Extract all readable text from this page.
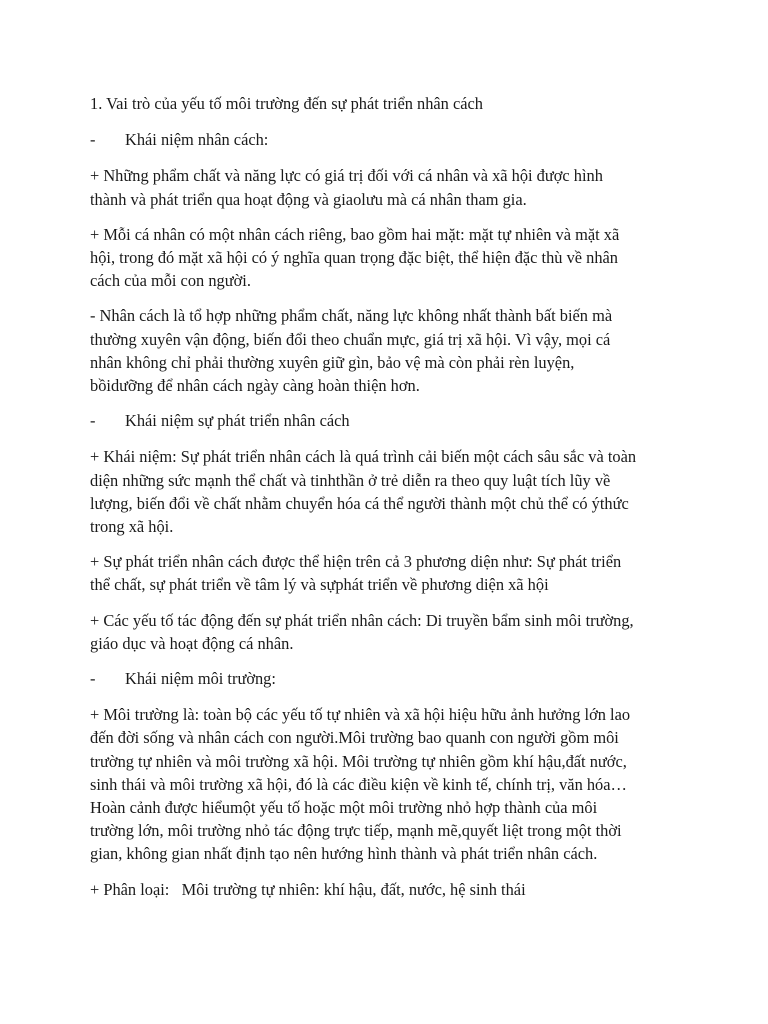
1. Vai trò của yếu tố môi trường đến sự phát triển nhân cách

-	Khái niệm nhân cách:

+ Những phẩm chất và năng lực có giá trị đối với cá nhân và xã hội được hình
thành và phát triển qua hoạt động và giaolưu mà cá nhân tham gia.

+ Mỗi cá nhân có một nhân cách riêng, bao gồm hai mặt: mặt tự nhiên và mặt xã
hội, trong đó mặt xã hội có ý nghĩa quan trọng đặc biệt, thể hiện đặc thù về nhân
cách của mỗi con người.

- Nhân cách là tổ hợp những phẩm chất, năng lực không nhất thành bất biến mà
thường xuyên vận động, biến đổi theo chuẩn mực, giá trị xã hội. Vì vậy, mọi cá
nhân không chỉ phải thường xuyên giữ gìn, bảo vệ mà còn phải rèn luyện,
bồidưỡng để nhân cách ngày càng hoàn thiện hơn.

-	Khái niệm sự phát triển nhân cách

+ Khái niệm: Sự phát triển nhân cách là quá trình cải biến một cách sâu sắc và toàn
diện những sức mạnh thể chất và tinhthần ở trẻ diễn ra theo quy luật tích lũy về
lượng, biến đổi về chất nhằm chuyển hóa cá thể người thành một chủ thể có ýthức
trong xã hội.

+ Sự phát triển nhân cách được thể hiện trên cả 3 phương diện như: Sự phát triển
thể chất, sự phát triển về tâm lý và sựphát triển về phương diện xã hội

+ Các yếu tố tác động đến sự phát triển nhân cách: Di truyền bẩm sinh môi trường,
giáo dục và hoạt động cá nhân.

-	Khái niệm môi trường:

+ Môi trường là: toàn bộ các yếu tố tự nhiên và xã hội hiệu hữu ảnh hưởng lớn lao
đến đời sống và nhân cách con người.Môi trường bao quanh con người gồm môi
trường tự nhiên và môi trường xã hội. Môi trường tự nhiên gồm khí hậu,đất nước,
sinh thái và môi trường xã hội, đó là các điều kiện về kinh tế, chính trị, văn hóa…
Hoàn cảnh được hiểumột yếu tố hoặc một môi trường nhỏ hợp thành của môi
trường lớn, môi trường nhỏ tác động trực tiếp, mạnh mẽ,quyết liệt trong một thời
gian, không gian nhất định tạo nên hướng hình thành và phát triển nhân cách.

+ Phân loại:   Môi trường tự nhiên: khí hậu, đất, nước, hệ sinh thái
